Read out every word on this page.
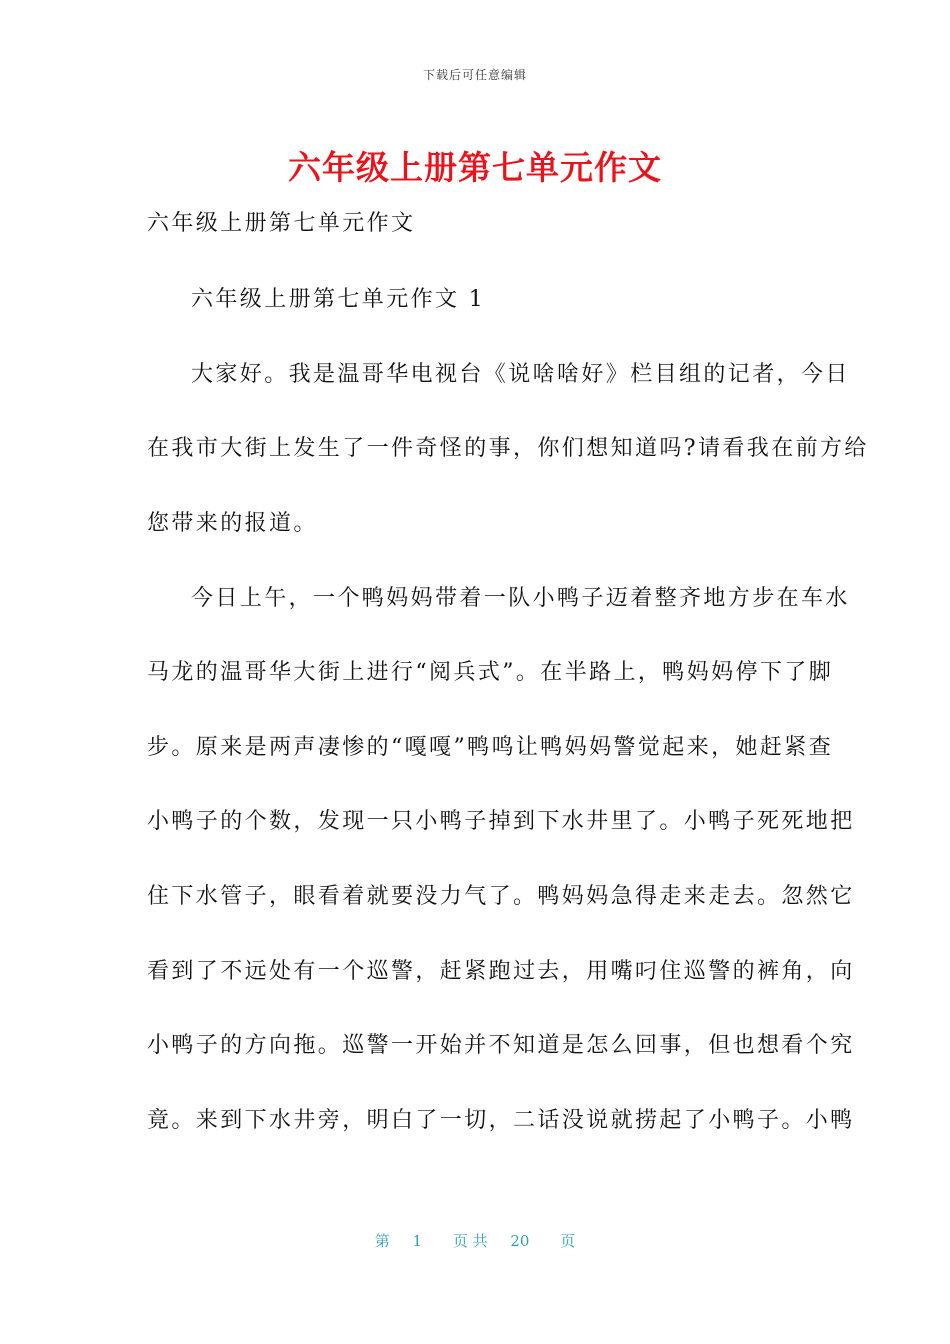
下载后可任意编辑
六年级上册第七单元作文
六年级上册第七单元作文
六年级上册第七单元作文 1
大家好。我是温哥华电视台《说啥啥好》栏目组的记者，今日
在我市大街上发生了一件奇怪的事，你们想知道吗?请看我在前方给
您带来的报道。
今日上午，一个鸭妈妈带着一队小鸭子迈着整齐地方步在车水
马龙的温哥华大街上进行“阅兵式”。在半路上，鸭妈妈停下了脚
步。原来是两声凄惨的“嘎嘎”鸭鸣让鸭妈妈警觉起来，她赶紧查
小鸭子的个数，发现一只小鸭子掉到下水井里了。小鸭子死死地把
住下水管子，眼看着就要没力气了。鸭妈妈急得走来走去。忽然它
看到了不远处有一个巡警，赶紧跑过去，用嘴叼住巡警的裤角，向
小鸭子的方向拖。巡警一开始并不知道是怎么回事，但也想看个究
竟。来到下水井旁，明白了一切，二话没说就捞起了小鸭子。小鸭
第 1 页 共 20 页
